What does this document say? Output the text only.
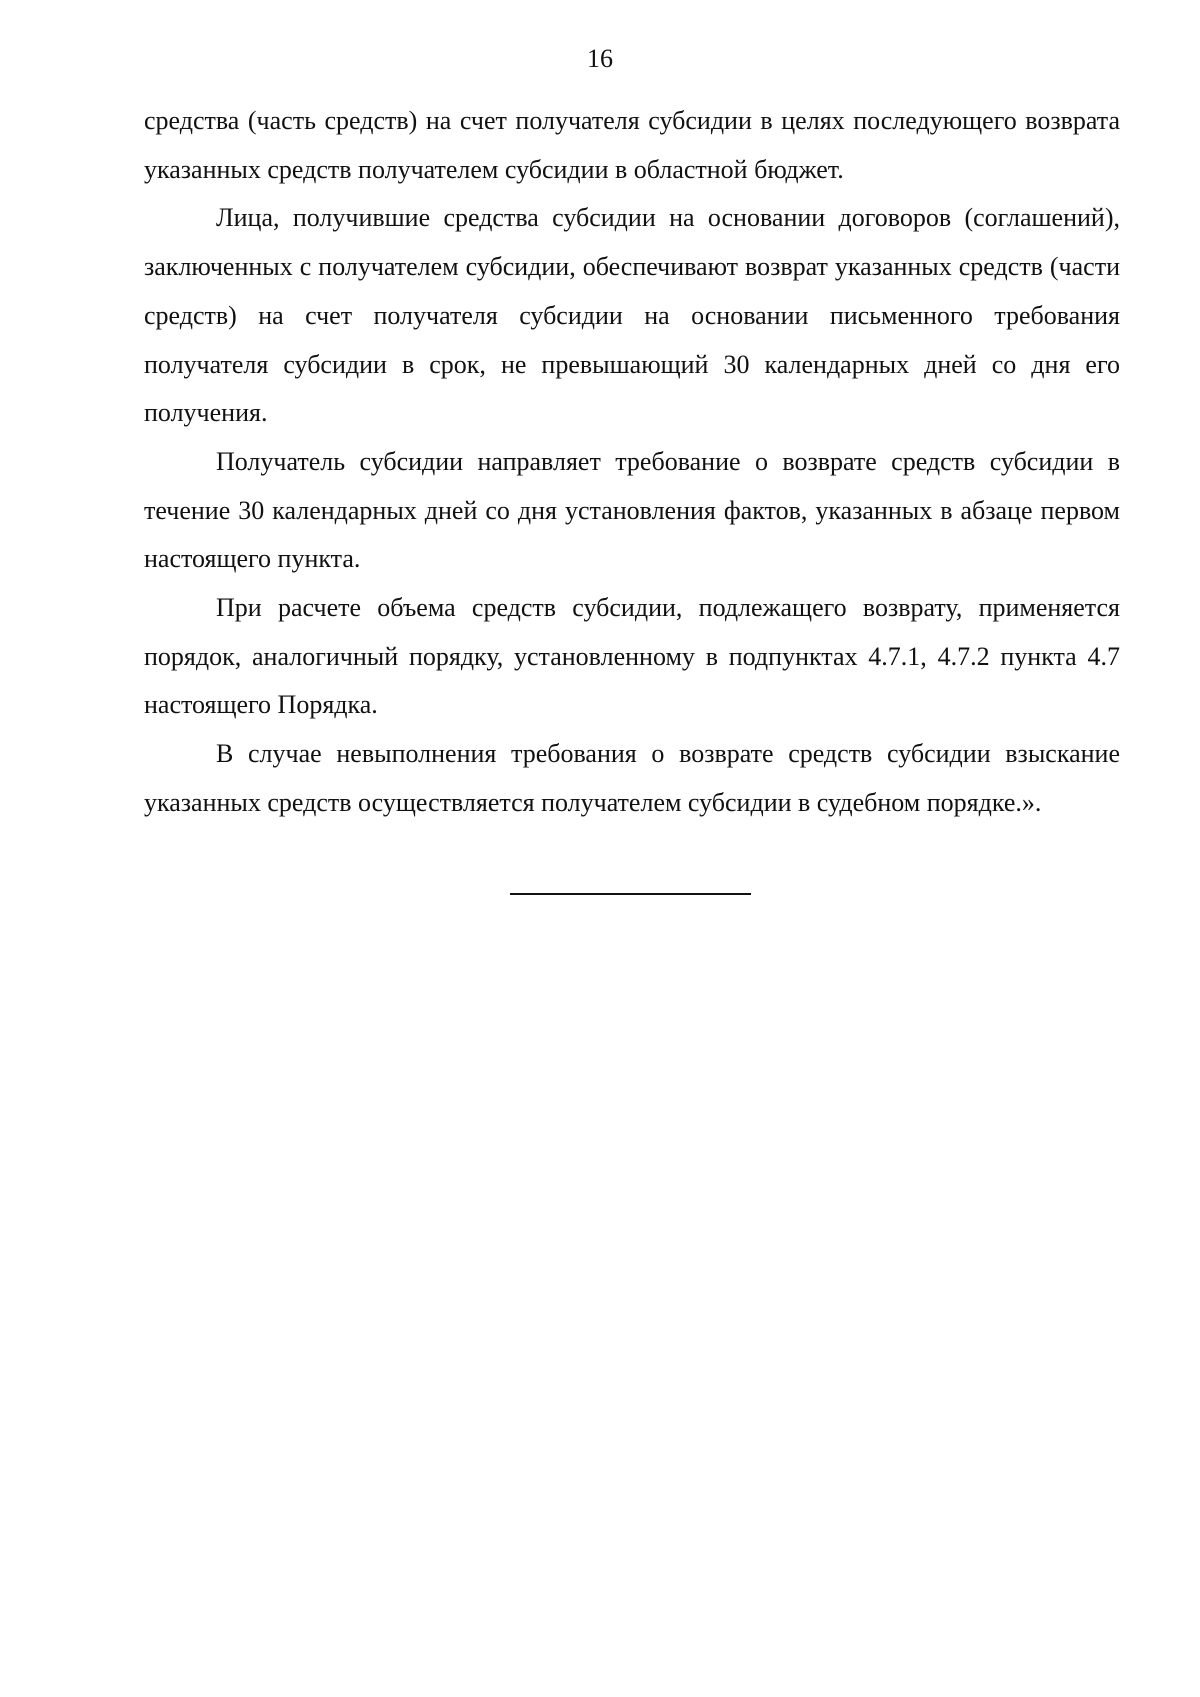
16

средства (часть средств) на счет получателя субсидии в целях последующего возврата указанных средств получателем субсидии в областной бюджет.

Лица, получившие средства субсидии на основании договоров (соглашений), заключенных с получателем субсидии, обеспечивают возврат указанных средств (части средств) на счет получателя субсидии на основании письменного требования получателя субсидии в срок, не превышающий 30 календарных дней со дня его получения.

Получатель субсидии направляет требование о возврате средств субсидии в течение 30 календарных дней со дня установления фактов, указанных в абзаце первом настоящего пункта.

При расчете объема средств субсидии, подлежащего возврату, применяется порядок, аналогичный порядку, установленному в подпунктах 4.7.1, 4.7.2 пункта 4.7 настоящего Порядка.

В случае невыполнения требования о возврате средств субсидии взыскание указанных средств осуществляется получателем субсидии в судебном порядке.».
